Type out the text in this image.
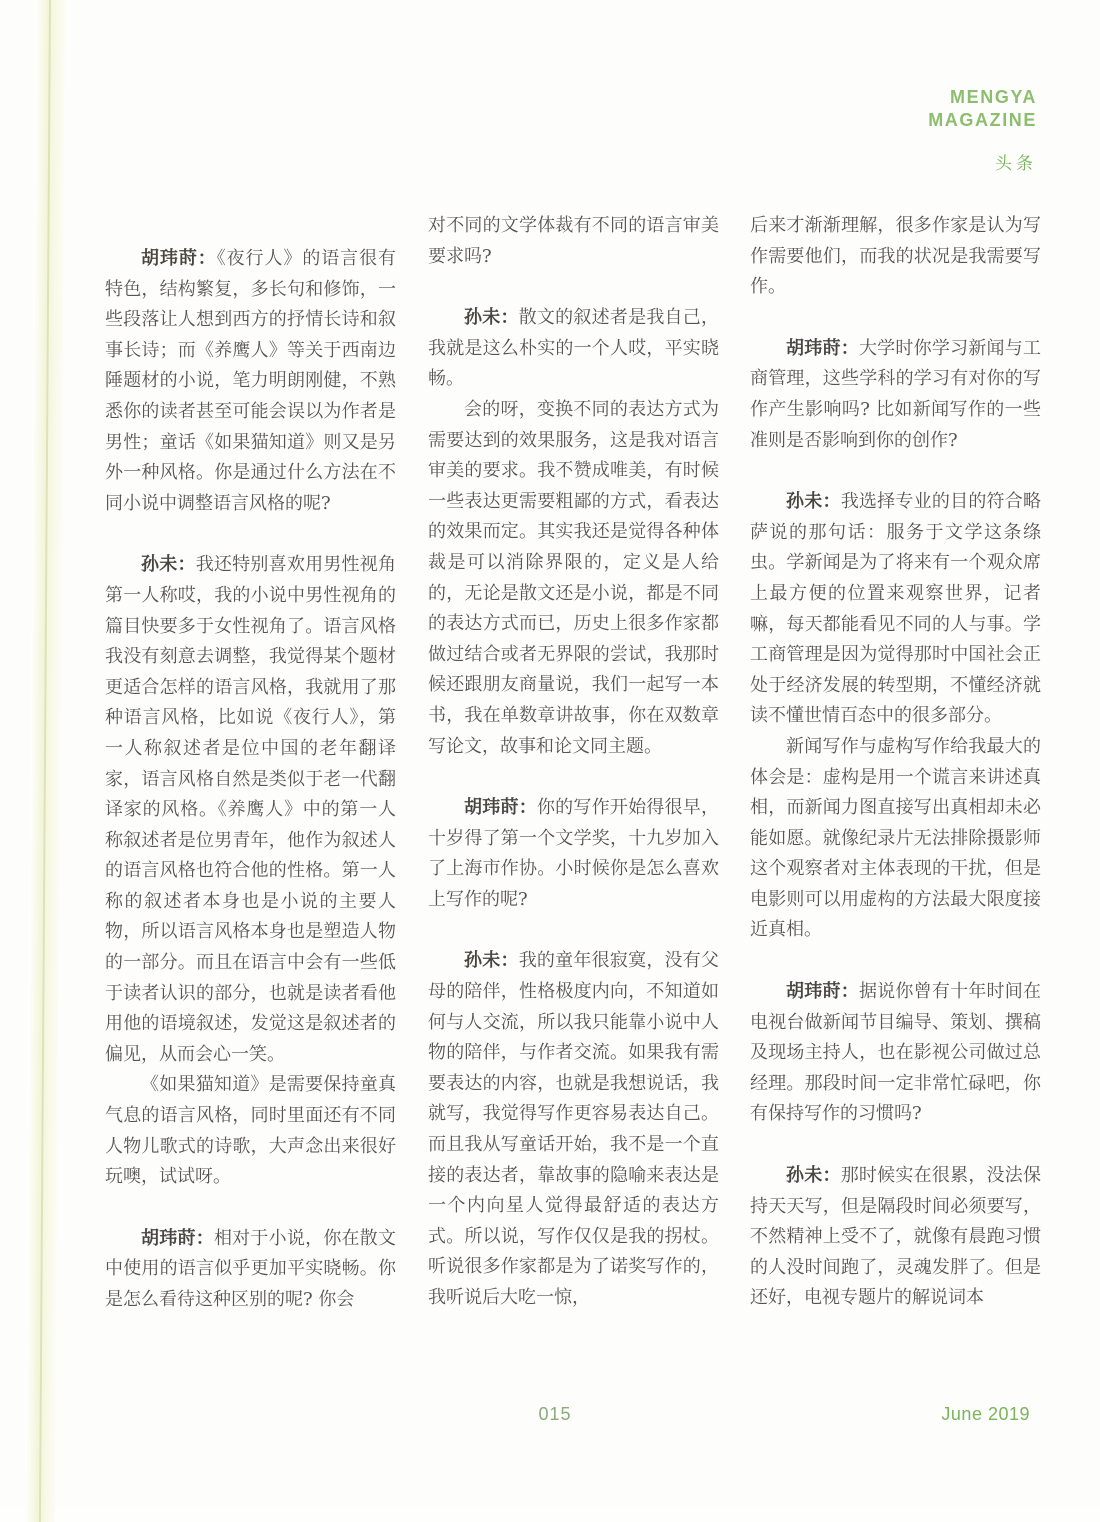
MENGYA
MAGAZINE
头条

胡玮莳：《夜行人》的语言很有特色，结构繁复，多长句和修饰，一些段落让人想到西方的抒情长诗和叙事长诗；而《养鹰人》等关于西南边陲题材的小说，笔力明朗刚健，不熟悉你的读者甚至可能会误以为作者是男性；童话《如果猫知道》则又是另外一种风格。你是通过什么方法在不同小说中调整语言风格的呢?

孙未：我还特别喜欢用男性视角第一人称哎，我的小说中男性视角的篇目快要多于女性视角了。语言风格我没有刻意去调整，我觉得某个题材更适合怎样的语言风格，我就用了那种语言风格，比如说《夜行人》，第一人称叙述者是位中国的老年翻译家，语言风格自然是类似于老一代翻译家的风格。《养鹰人》中的第一人称叙述者是位男青年，他作为叙述人的语言风格也符合他的性格。第一人称的叙述者本身也是小说的主要人物，所以语言风格本身也是塑造人物的一部分。而且在语言中会有一些低于读者认识的部分，也就是读者看他用他的语境叙述，发觉这是叙述者的偏见，从而会心一笑。

《如果猫知道》是需要保持童真气息的语言风格，同时里面还有不同人物儿歌式的诗歌，大声念出来很好玩噢，试试呀。

胡玮莳：相对于小说，你在散文中使用的语言似乎更加平实晓畅。你是怎么看待这种区别的呢? 你会

对不同的文学体裁有不同的语言审美要求吗?

孙未：散文的叙述者是我自己，我就是这么朴实的一个人哎，平实晓畅。

会的呀，变换不同的表达方式为需要达到的效果服务，这是我对语言审美的要求。我不赞成唯美，有时候一些表达更需要粗鄙的方式，看表达的效果而定。其实我还是觉得各种体裁是可以消除界限的，定义是人给的，无论是散文还是小说，都是不同的表达方式而已，历史上很多作家都做过结合或者无界限的尝试，我那时候还跟朋友商量说，我们一起写一本书，我在单数章讲故事，你在双数章写论文，故事和论文同主题。

胡玮莳：你的写作开始得很早，十岁得了第一个文学奖，十九岁加入了上海市作协。小时候你是怎么喜欢上写作的呢?

孙未：我的童年很寂寞，没有父母的陪伴，性格极度内向，不知道如何与人交流，所以我只能靠小说中人物的陪伴，与作者交流。如果我有需要表达的内容，也就是我想说话，我就写，我觉得写作更容易表达自己。而且我从写童话开始，我不是一个直接的表达者，靠故事的隐喻来表达是一个内向星人觉得最舒适的表达方式。所以说，写作仅仅是我的拐杖。听说很多作家都是为了诺奖写作的，我听说后大吃一惊，

后来才渐渐理解，很多作家是认为写作需要他们，而我的状况是我需要写作。

胡玮莳：大学时你学习新闻与工商管理，这些学科的学习有对你的写作产生影响吗? 比如新闻写作的一些准则是否影响到你的创作?

孙未：我选择专业的目的符合略萨说的那句话：服务于文学这条绦虫。学新闻是为了将来有一个观众席上最方便的位置来观察世界，记者嘛，每天都能看见不同的人与事。学工商管理是因为觉得那时中国社会正处于经济发展的转型期，不懂经济就读不懂世情百态中的很多部分。

新闻写作与虚构写作给我最大的体会是：虚构是用一个谎言来讲述真相，而新闻力图直接写出真相却未必能如愿。就像纪录片无法排除摄影师这个观察者对主体表现的干扰，但是电影则可以用虚构的方法最大限度接近真相。

胡玮莳：据说你曾有十年时间在电视台做新闻节目编导、策划、撰稿及现场主持人，也在影视公司做过总经理。那段时间一定非常忙碌吧，你有保持写作的习惯吗?

孙未：那时候实在很累，没法保持天天写，但是隔段时间必须要写，不然精神上受不了，就像有晨跑习惯的人没时间跑了，灵魂发胖了。但是还好，电视专题片的解说词本

015	June 2019
